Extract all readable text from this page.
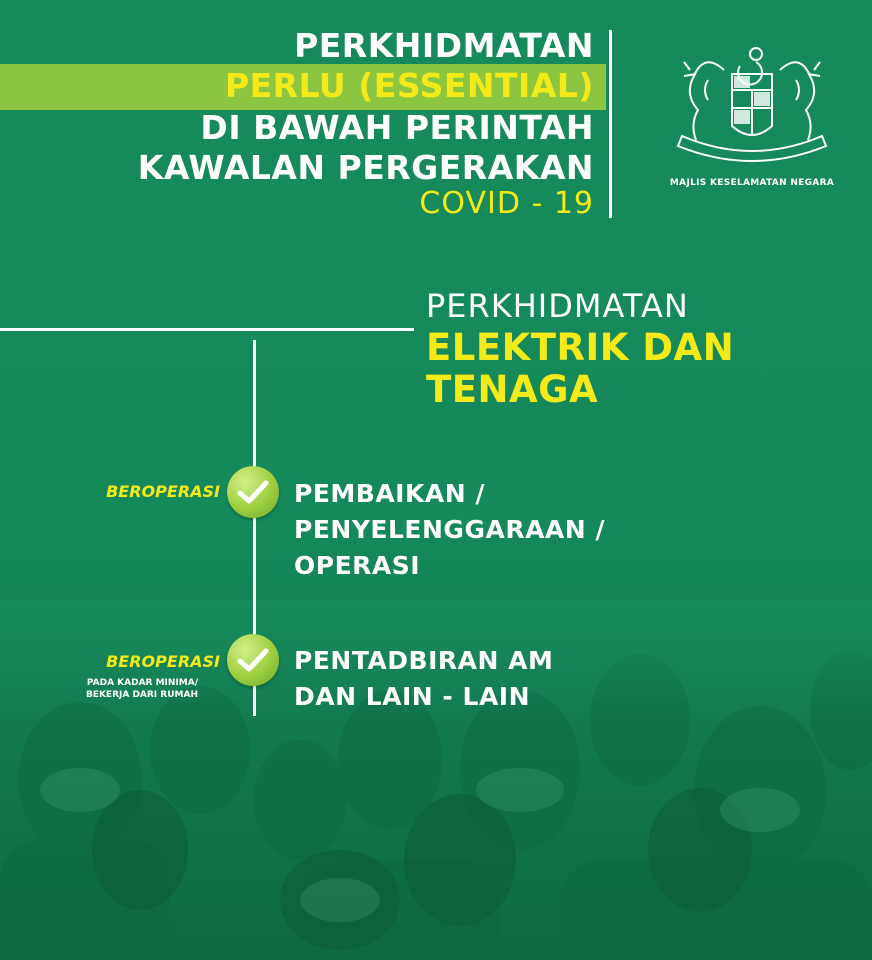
PERKHIDMATAN
PERLU (ESSENTIAL)
DI BAWAH PERINTAH
KAWALAN PERGERAKAN
COVID - 19
MAJLIS KESELAMATAN NEGARA
PERKHIDMATAN
ELEKTRIK DAN
TENAGA
BEROPERASI	PEMBAIKAN /
PENYELENGGARAAN /
OPERASI
BEROPERASI
PADA KADAR MINIMA/
BEKERJA DARI RUMAH
PENTADBIRAN AM
DAN LAIN - LAIN
